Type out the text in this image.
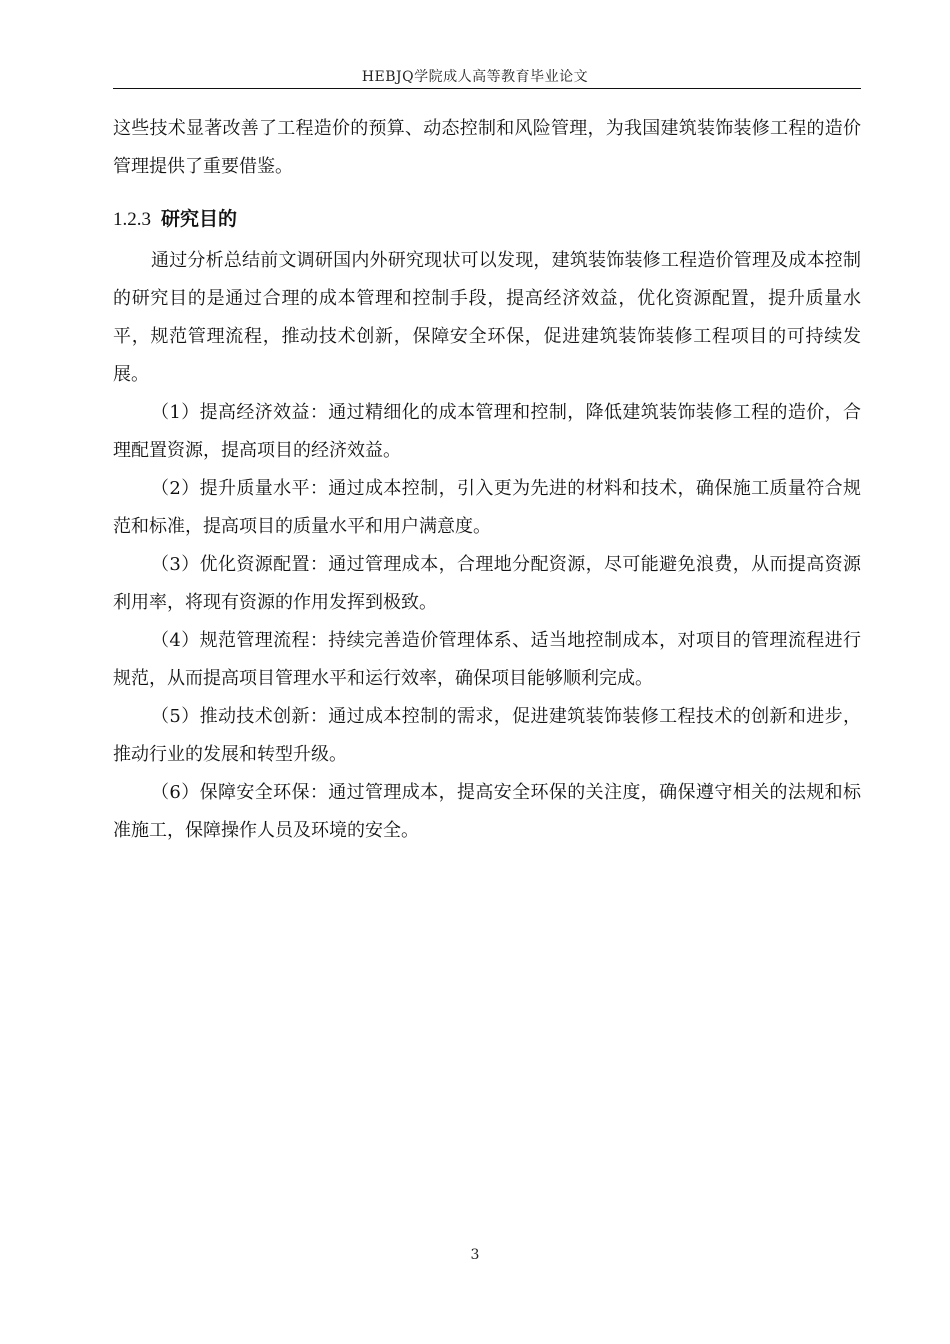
HEBJQ学院成人高等教育毕业论文

这些技术显著改善了工程造价的预算、动态控制和风险管理，为我国建筑装饰装修工程的造价管理提供了重要借鉴。

1.2.3 研究目的

通过分析总结前文调研国内外研究现状可以发现，建筑装饰装修工程造价管理及成本控制的研究目的是通过合理的成本管理和控制手段，提高经济效益，优化资源配置，提升质量水平，规范管理流程，推动技术创新，保障安全环保，促进建筑装饰装修工程项目的可持续发展。

（1）提高经济效益：通过精细化的成本管理和控制，降低建筑装饰装修工程的造价，合理配置资源，提高项目的经济效益。

（2）提升质量水平：通过成本控制，引入更为先进的材料和技术，确保施工质量符合规范和标准，提高项目的质量水平和用户满意度。

（3）优化资源配置：通过管理成本，合理地分配资源，尽可能避免浪费，从而提高资源利用率，将现有资源的作用发挥到极致。

（4）规范管理流程：持续完善造价管理体系、适当地控制成本，对项目的管理流程进行规范，从而提高项目管理水平和运行效率，确保项目能够顺利完成。

（5）推动技术创新：通过成本控制的需求，促进建筑装饰装修工程技术的创新和进步，推动行业的发展和转型升级。

（6）保障安全环保：通过管理成本，提高安全环保的关注度，确保遵守相关的法规和标准施工，保障操作人员及环境的安全。

3
